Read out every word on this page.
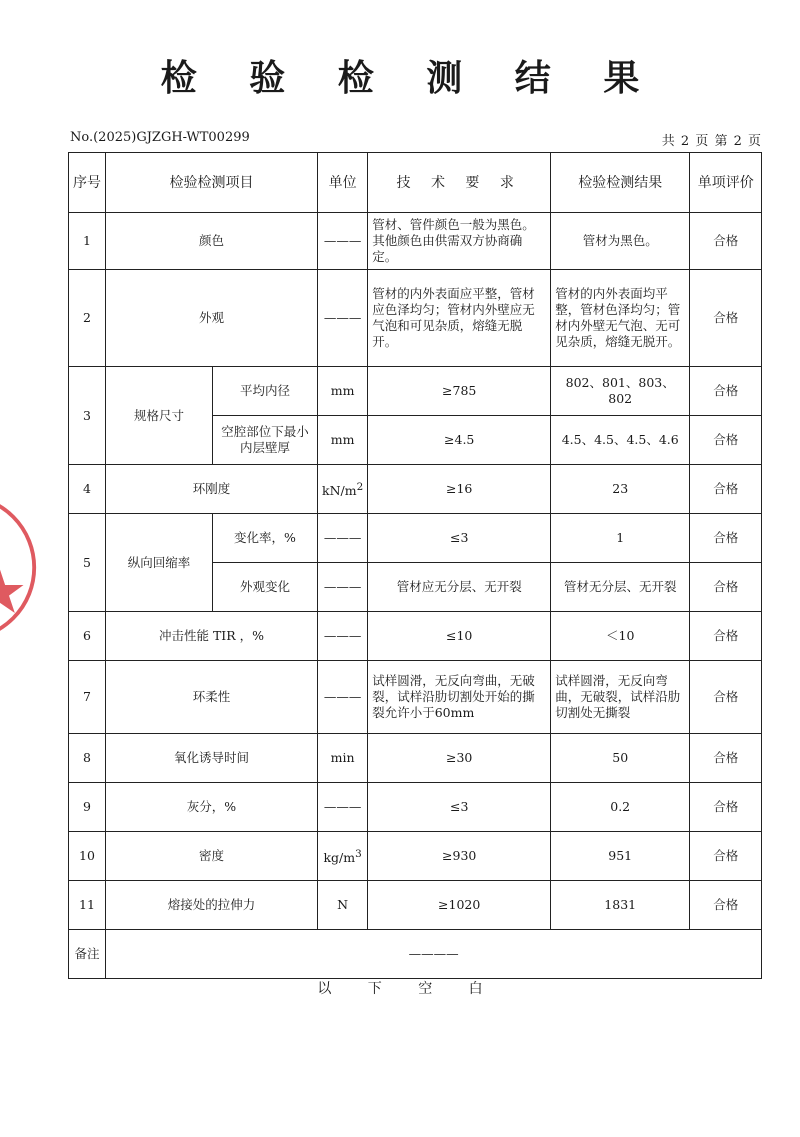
检 验 检 测 结 果
No.(2025)GJZGH-WT00299	共 2 页 第 2 页
序号	检验检测项目		单位	技 术 要 求	检验检测结果	单项评价
1	颜色		———	管材、管件颜色一般为黑色。其他颜色由供需双方协商确定。	管材为黑色。	合格
2	外观		———	管材的内外表面应平整，管材应色泽均匀；管材内外壁应无气泡和可见杂质，熔缝无脱开。	管材的内外表面均平整，管材色泽均匀；管材内外壁无气泡、无可见杂质，熔缝无脱开。	合格
3	规格尺寸	平均内径	mm	≥785	802、801、803、802	合格
		空腔部位下最小内层壁厚	mm	≥4.5	4.5、4.5、4.5、4.6	合格
4	环刚度		$kN/m^2$	≥16	23	合格
5	纵向回缩率	变化率，%	———	≤3	1	合格
		外观变化	———	管材应无分层、无开裂	管材无分层、无开裂	合格
6	冲击性能 TIR ，%		———	≤10	＜10	合格
7	环柔性		———	试样圆滑，无反向弯曲，无破裂，试样沿肋切割处开始的撕裂允许小于60mm	试样圆滑，无反向弯曲，无破裂，试样沿肋切割处无撕裂	合格
8	氧化诱导时间		min	≥30	50	合格
9	灰分，%		———	≤3	0.2	合格
10	密度		$kg/m^3$	≥930	951	合格
11	熔接处的拉伸力		N	≥1020	1831	合格
备注	————					
以 下 空 白
